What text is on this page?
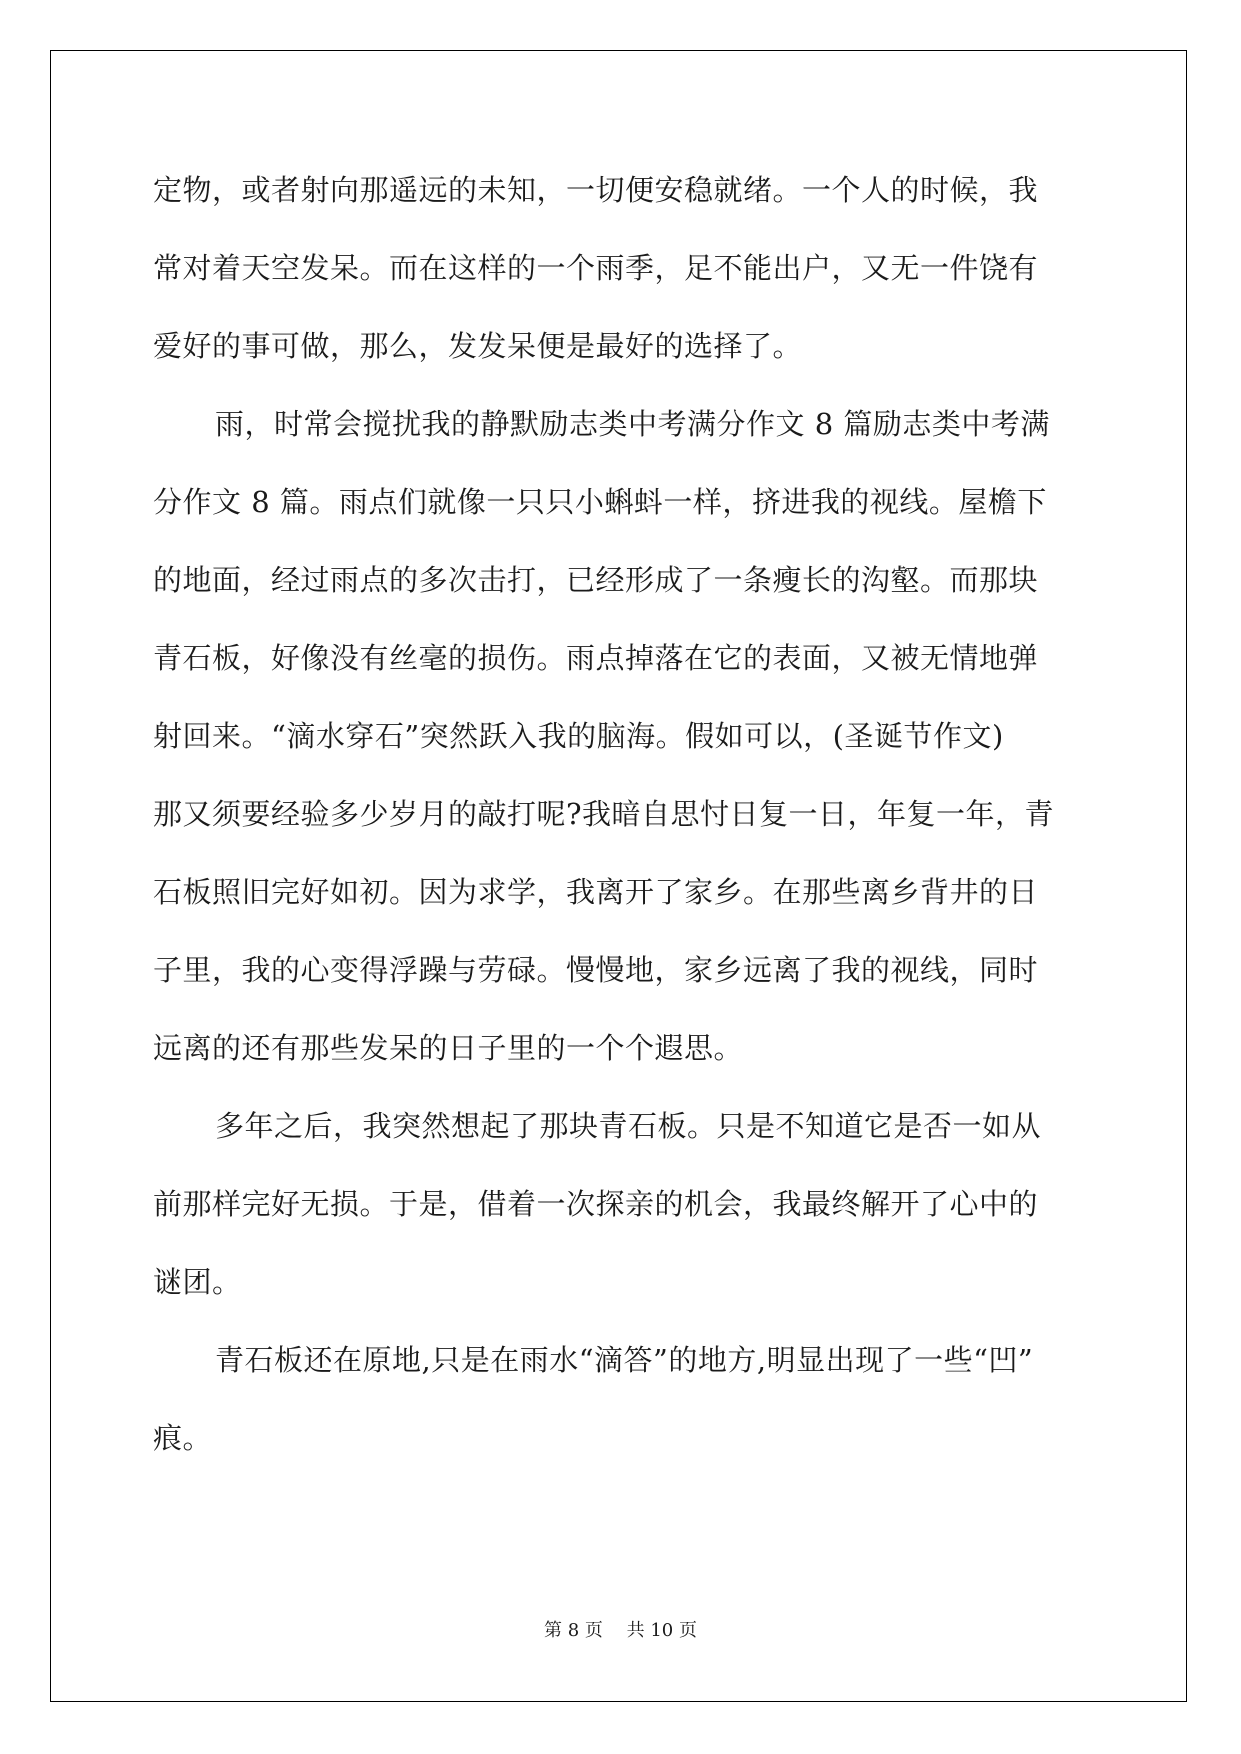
定物，或者射向那遥远的未知，一切便安稳就绪。一个人的时候，我
常对着天空发呆。而在这样的一个雨季，足不能出户，又无一件饶有
爱好的事可做，那么，发发呆便是最好的选择了。
雨，时常会搅扰我的静默励志类中考满分作文 8 篇励志类中考满
分作文 8 篇。雨点们就像一只只小蝌蚪一样，挤进我的视线。屋檐下
的地面，经过雨点的多次击打，已经形成了一条瘦长的沟壑。而那块
青石板，好像没有丝毫的损伤。雨点掉落在它的表面，又被无情地弹
射回来。“滴水穿石”突然跃入我的脑海。假如可以，(圣诞节作文)
那又须要经验多少岁月的敲打呢?我暗自思忖日复一日，年复一年，青
石板照旧完好如初。因为求学，我离开了家乡。在那些离乡背井的日
子里，我的心变得浮躁与劳碌。慢慢地，家乡远离了我的视线，同时
远离的还有那些发呆的日子里的一个个遐思。
多年之后，我突然想起了那块青石板。只是不知道它是否一如从
前那样完好无损。于是，借着一次探亲的机会，我最终解开了心中的
谜团。
青石板还在原地,只是在雨水“滴答”的地方,明显出现了一些“凹”
痕。
第 8 页　 共 10 页
